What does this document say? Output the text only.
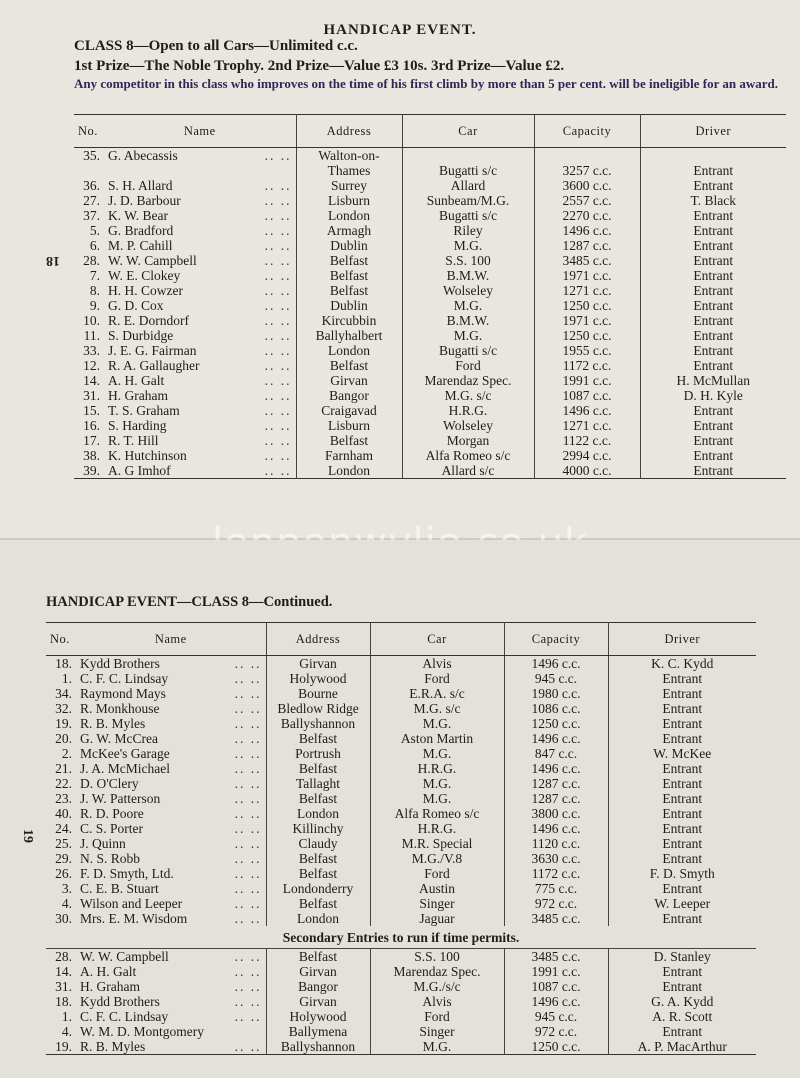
HANDICAP EVENT.
CLASS 8—Open to all Cars—Unlimited c.c.
1st Prize—The Noble Trophy. 2nd Prize—Value £3 10s. 3rd Prize—Value £2.
Any competitor in this class who improves on the time of his first climb by more than 5 per cent. will be ineligible for an award.
18
No.	Name	Address	Car	Capacity	Driver
35.	G. Abecassis .. ..	Walton-on-			

	Thames	Bugatti s/c	3257 c.c.	Entrant
36.	S. H. Allard .. ..	Surrey	Allard	3600 c.c.	Entrant
27.	J. D. Barbour .. ..	Lisburn	Sunbeam/M.G.	2557 c.c.	T. Black
37.	K. W. Bear .. ..	London	Bugatti s/c	2270 c.c.	Entrant
5.	G. Bradford .. ..	Armagh	Riley	1496 c.c.	Entrant
6.	M. P. Cahill .. ..	Dublin	M.G.	1287 c.c.	Entrant
28.	W. W. Campbell .. ..	Belfast	S.S. 100	3485 c.c.	Entrant
7.	W. E. Clokey .. ..	Belfast	B.M.W.	1971 c.c.	Entrant
8.	H. H. Cowzer .. ..	Belfast	Wolseley	1271 c.c.	Entrant
9.	G. D. Cox .. ..	Dublin	M.G.	1250 c.c.	Entrant
10.	R. E. Dorndorf .. ..	Kircubbin	B.M.W.	1971 c.c.	Entrant
11.	S. Durbidge .. ..	Ballyhalbert	M.G.	1250 c.c.	Entrant
33.	J. E. G. Fairman .. ..	London	Bugatti s/c	1955 c.c.	Entrant
12.	R. A. Gallaugher .. ..	Belfast	Ford	1172 c.c.	Entrant
14.	A. H. Galt .. ..	Girvan	Marendaz Spec.	1991 c.c.	H. McMullan
31.	H. Graham .. ..	Bangor	M.G. s/c	1087 c.c.	D. H. Kyle
15.	T. S. Graham .. ..	Craigavad	H.R.G.	1496 c.c.	Entrant
16.	S. Harding .. ..	Lisburn	Wolseley	1271 c.c.	Entrant
17.	R. T. Hill .. ..	Belfast	Morgan	1122 c.c.	Entrant
38.	K. Hutchinson .. ..	Farnham	Alfa Romeo s/c	2994 c.c.	Entrant
39.	A. G Imhof .. ..	London	Allard s/c	4000 c.c.	Entrant
HANDICAP EVENT—CLASS 8—Continued.
19
No.	Name	Address	Car	Capacity	Driver
18.	Kydd Brothers .. ..	Girvan	Alvis	1496 c.c.	K. C. Kydd
1.	C. F. C. Lindsay .. ..	Holywood	Ford	945 c.c.	Entrant
34.	Raymond Mays .. ..	Bourne	E.R.A. s/c	1980 c.c.	Entrant
32.	R. Monkhouse .. ..	Bledlow Ridge	M.G. s/c	1086 c.c.	Entrant
19.	R. B. Myles .. ..	Ballyshannon	M.G.	1250 c.c.	Entrant
20.	G. W. McCrea .. ..	Belfast	Aston Martin	1496 c.c.	Entrant
2.	McKee's Garage .. ..	Portrush	M.G.	847 c.c.	W. McKee
21.	J. A. McMichael .. ..	Belfast	H.R.G.	1496 c.c.	Entrant
22.	D. O'Clery .. ..	Tallaght	M.G.	1287 c.c.	Entrant
23.	J. W. Patterson .. ..	Belfast	M.G.	1287 c.c.	Entrant
40.	R. D. Poore .. ..	London	Alfa Romeo s/c	3800 c.c.	Entrant
24.	C. S. Porter .. ..	Killinchy	H.R.G.	1496 c.c.	Entrant
25.	J. Quinn .. ..	Claudy	M.R. Special	1120 c.c.	Entrant
29.	N. S. Robb .. ..	Belfast	M.G./V.8	3630 c.c.	Entrant
26.	F. D. Smyth, Ltd. .. ..	Belfast	Ford	1172 c.c.	F. D. Smyth
3.	C. E. B. Stuart .. ..	Londonderry	Austin	775 c.c.	Entrant
4.	Wilson and Leeper .. ..	Belfast	Singer	972 c.c.	W. Leeper
30.	Mrs. E. M. Wisdom .. ..	London	Jaguar	3485 c.c.	Entrant
Secondary Entries to run if time permits.					
28.	W. W. Campbell .. ..	Belfast	S.S. 100	3485 c.c.	D. Stanley
14.	A. H. Galt .. ..	Girvan	Marendaz Spec.	1991 c.c.	Entrant
31.	H. Graham .. ..	Bangor	M.G./s/c	1087 c.c.	Entrant
18.	Kydd Brothers .. ..	Girvan	Alvis	1496 c.c.	G. A. Kydd
1.	C. F. C. Lindsay .. ..	Holywood	Ford	945 c.c.	A. R. Scott
4.	W. M. D. Montgomery	Ballymena	Singer	972 c.c.	Entrant
19.	R. B. Myles .. ..	Ballyshannon	M.G.	1250 c.c.	A. P. MacArthur
